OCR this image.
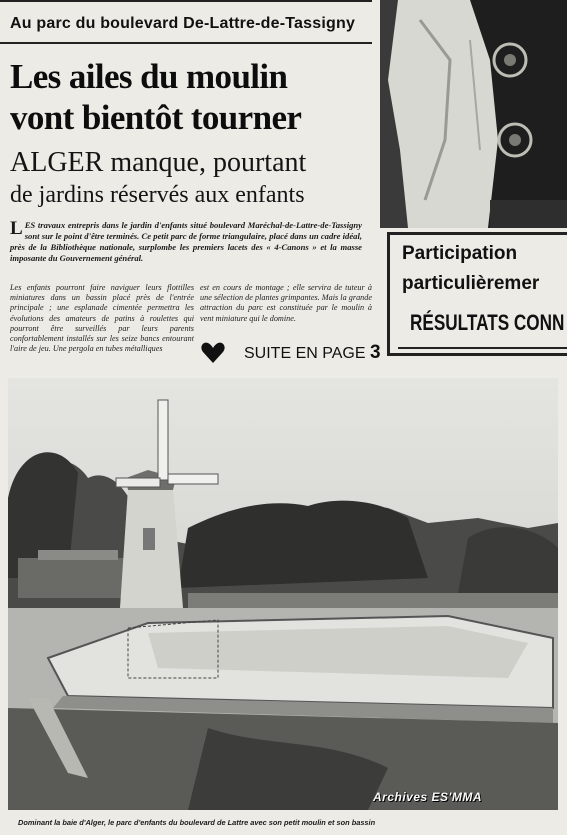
Au parc du boulevard De-Lattre-de-Tassigny
Les ailes du moulin
vont bientôt tourner
ALGER manque, pourtant
de jardins réservés aux enfants
LES travaux entrepris dans le jardin d'enfants situé boulevard Maréchal-de-Lattre-de-Tassigny sont sur le point d'être terminés. Ce petit parc de forme triangulaire, placé dans un cadre idéal, près de la Bibliothèque nationale, surplombe les premiers lacets des « 4-Canons » et la masse imposante du Gouvernement général.
Les enfants pourront faire naviguer leurs flottilles miniatures dans un bassin placé près de l'entrée principale ; une esplanade cimentée permettra les évolutions des amateurs de patins à roulettes qui pourront être surveillés par leurs parents confortablement installés sur les seize bancs entourant l'aire de jeu. Une pergola en tubes métalliques
est en cours de montage ; elle servira de tuteur à une sélection de plantes grimpantes. Mais la grande attraction du parc est constituée par le moulin à vent miniature qui le domine.
SUITE EN PAGE 3
Participation
particulièremer
RÉSULTATS CONN
Archives ES'MMA
Dominant la baie d'Alger, le parc d'enfants du boulevard de Lattre avec son petit moulin et son bassin
